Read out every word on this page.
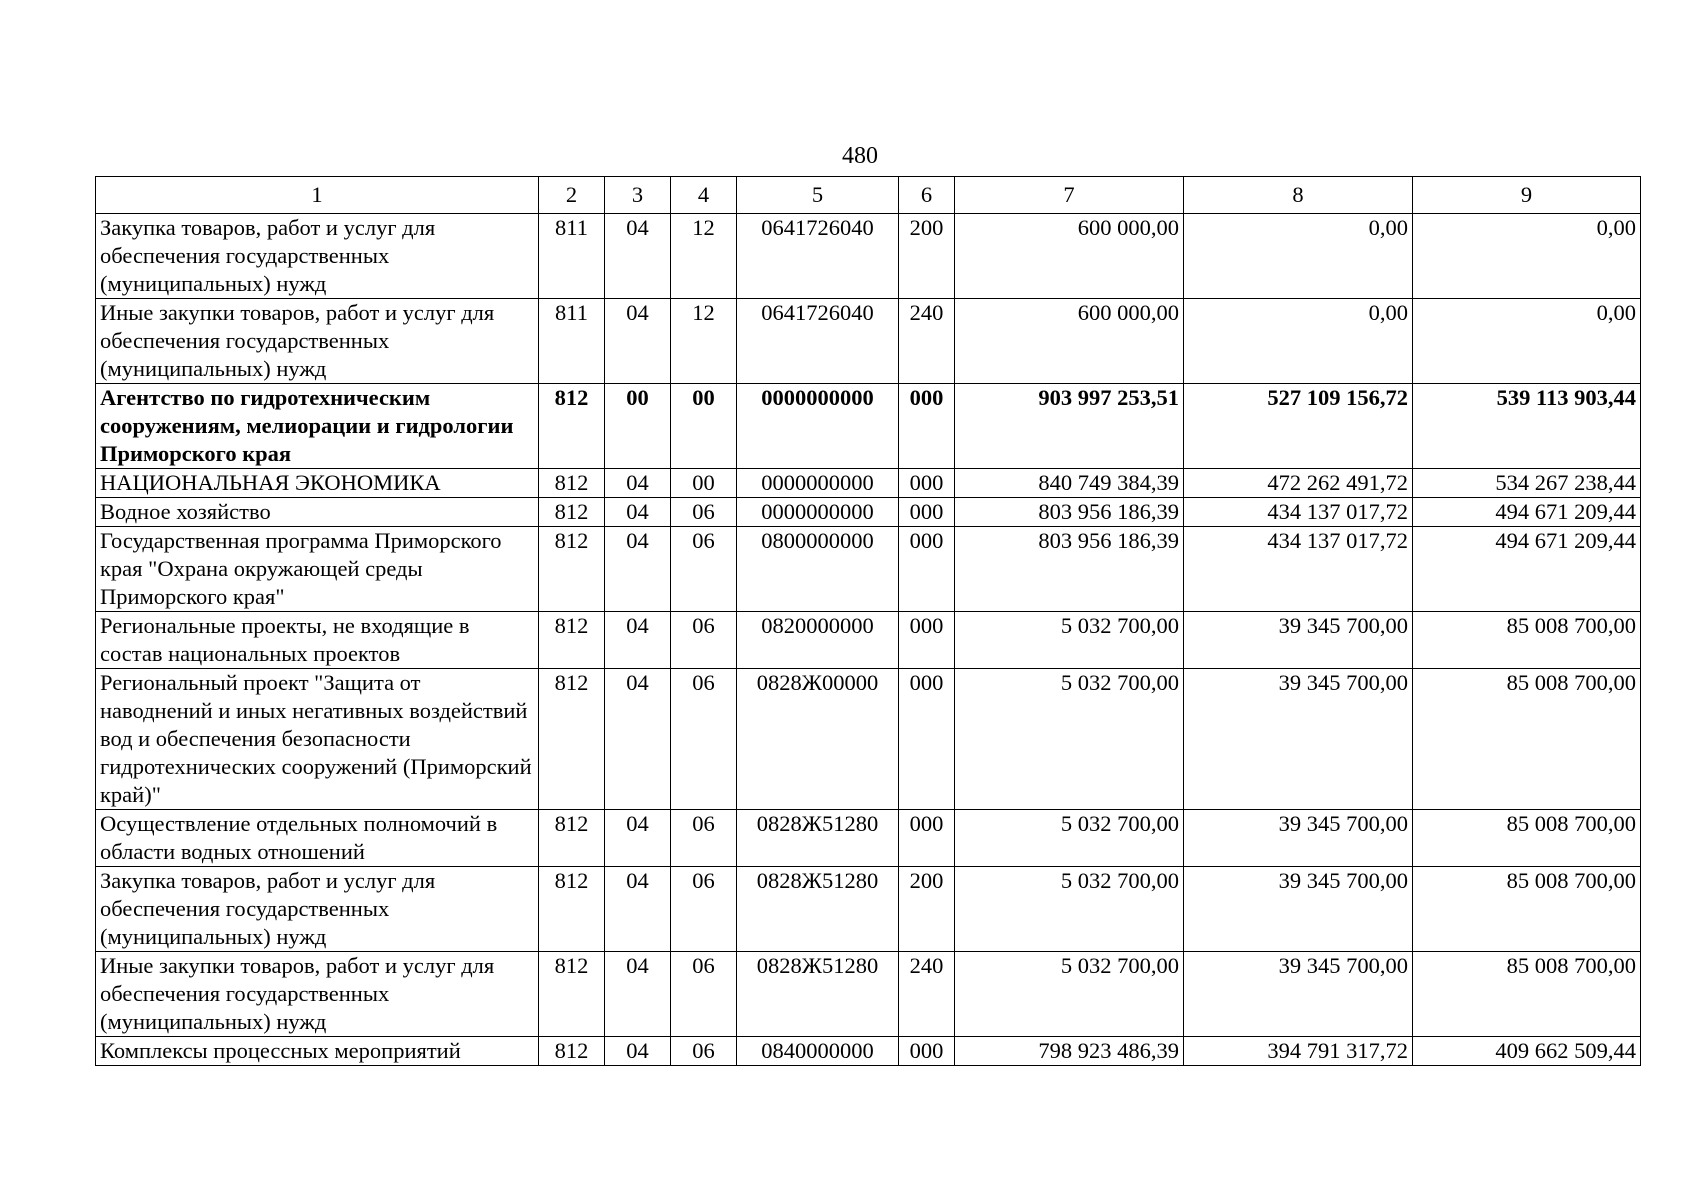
480
1	2	3	4	5	6	7	8	9
Закупка товаров, работ и услуг для обеспечения государственных (муниципальных) нужд	811	04	12	0641726040	200	600 000,00	0,00	0,00
Иные закупки товаров, работ и услуг для обеспечения государственных (муниципальных) нужд	811	04	12	0641726040	240	600 000,00	0,00	0,00
Агентство по гидротехническим сооружениям, мелиорации и гидрологии Приморского края	812	00	00	0000000000	000	903 997 253,51	527 109 156,72	539 113 903,44
НАЦИОНАЛЬНАЯ ЭКОНОМИКА	812	04	00	0000000000	000	840 749 384,39	472 262 491,72	534 267 238,44
Водное хозяйство	812	04	06	0000000000	000	803 956 186,39	434 137 017,72	494 671 209,44
Государственная программа Приморского края "Охрана окружающей среды Приморского края"	812	04	06	0800000000	000	803 956 186,39	434 137 017,72	494 671 209,44
Региональные проекты, не входящие в состав национальных проектов	812	04	06	0820000000	000	5 032 700,00	39 345 700,00	85 008 700,00
Региональный проект "Защита от наводнений и иных негативных воздействий вод и обеспечения безопасности гидротехнических сооружений (Приморский край)"	812	04	06	0828Ж00000	000	5 032 700,00	39 345 700,00	85 008 700,00
Осуществление отдельных полномочий в области водных отношений	812	04	06	0828Ж51280	000	5 032 700,00	39 345 700,00	85 008 700,00
Закупка товаров, работ и услуг для обеспечения государственных (муниципальных) нужд	812	04	06	0828Ж51280	200	5 032 700,00	39 345 700,00	85 008 700,00
Иные закупки товаров, работ и услуг для обеспечения государственных (муниципальных) нужд	812	04	06	0828Ж51280	240	5 032 700,00	39 345 700,00	85 008 700,00
Комплексы процессных мероприятий	812	04	06	0840000000	000	798 923 486,39	394 791 317,72	409 662 509,44
